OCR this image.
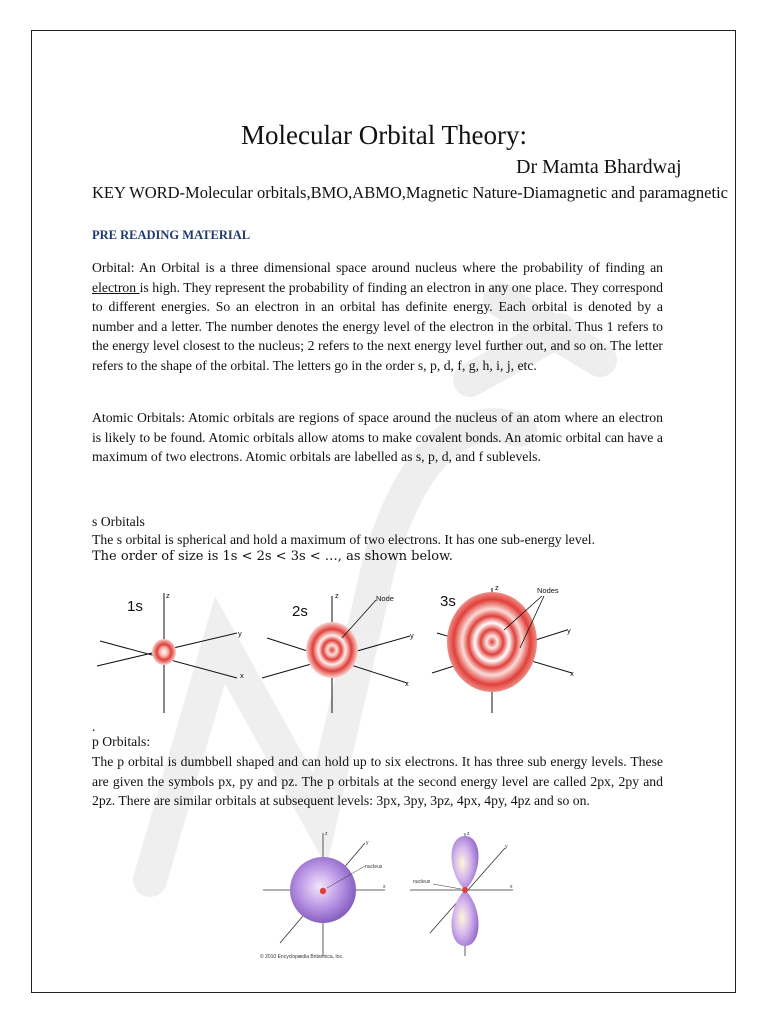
Molecular Orbital Theory:
Dr Mamta Bhardwaj
KEY WORD-Molecular orbitals,BMO,ABMO,Magnetic Nature-Diamagnetic and paramagnetic
PRE READING MATERIAL
Orbital: An Orbital is a three dimensional space around nucleus where the probability of finding an electron is high. They represent the probability of finding an electron in any one place. They correspond to different energies. So an electron in an orbital has definite energy. Each orbital is denoted by a number and a letter. The number denotes the energy level of the electron in the orbital. Thus 1 refers to the energy level closest to the nucleus; 2 refers to the next energy level further out, and so on. The letter refers to the shape of the orbital. The letters go in the order s, p, d, f, g, h, i, j, etc.
Atomic Orbitals: Atomic orbitals are regions of space around the nucleus of an atom where an electron is likely to be found. Atomic orbitals allow atoms to make covalent bonds. An atomic orbital can have a maximum of two electrons. Atomic orbitals are labelled as s, p, d, and f sublevels.
s Orbitals
The s orbital is spherical and hold a maximum of two electrons. It has one sub-energy level.
The order of size is 1s < 2s < 3s < …, as shown below.
1s	2s
3s
z
y
x
z
y
x
z
y
x
Node
Nodes
.
p Orbitals:
The p orbital is dumbbell shaped and can hold up to six electrons. It has three sub energy levels. These are given the symbols px, py and pz. The p orbitals at the second energy level are called 2px, 2py and 2pz. There are similar orbitals at subsequent levels: 3px, 3py, 3pz, 4px, 4py, 4pz and so on.
nucleus
nucleus
z
y
x
z
y
x
© 2010 Encyclopædia Britannica, Inc.
